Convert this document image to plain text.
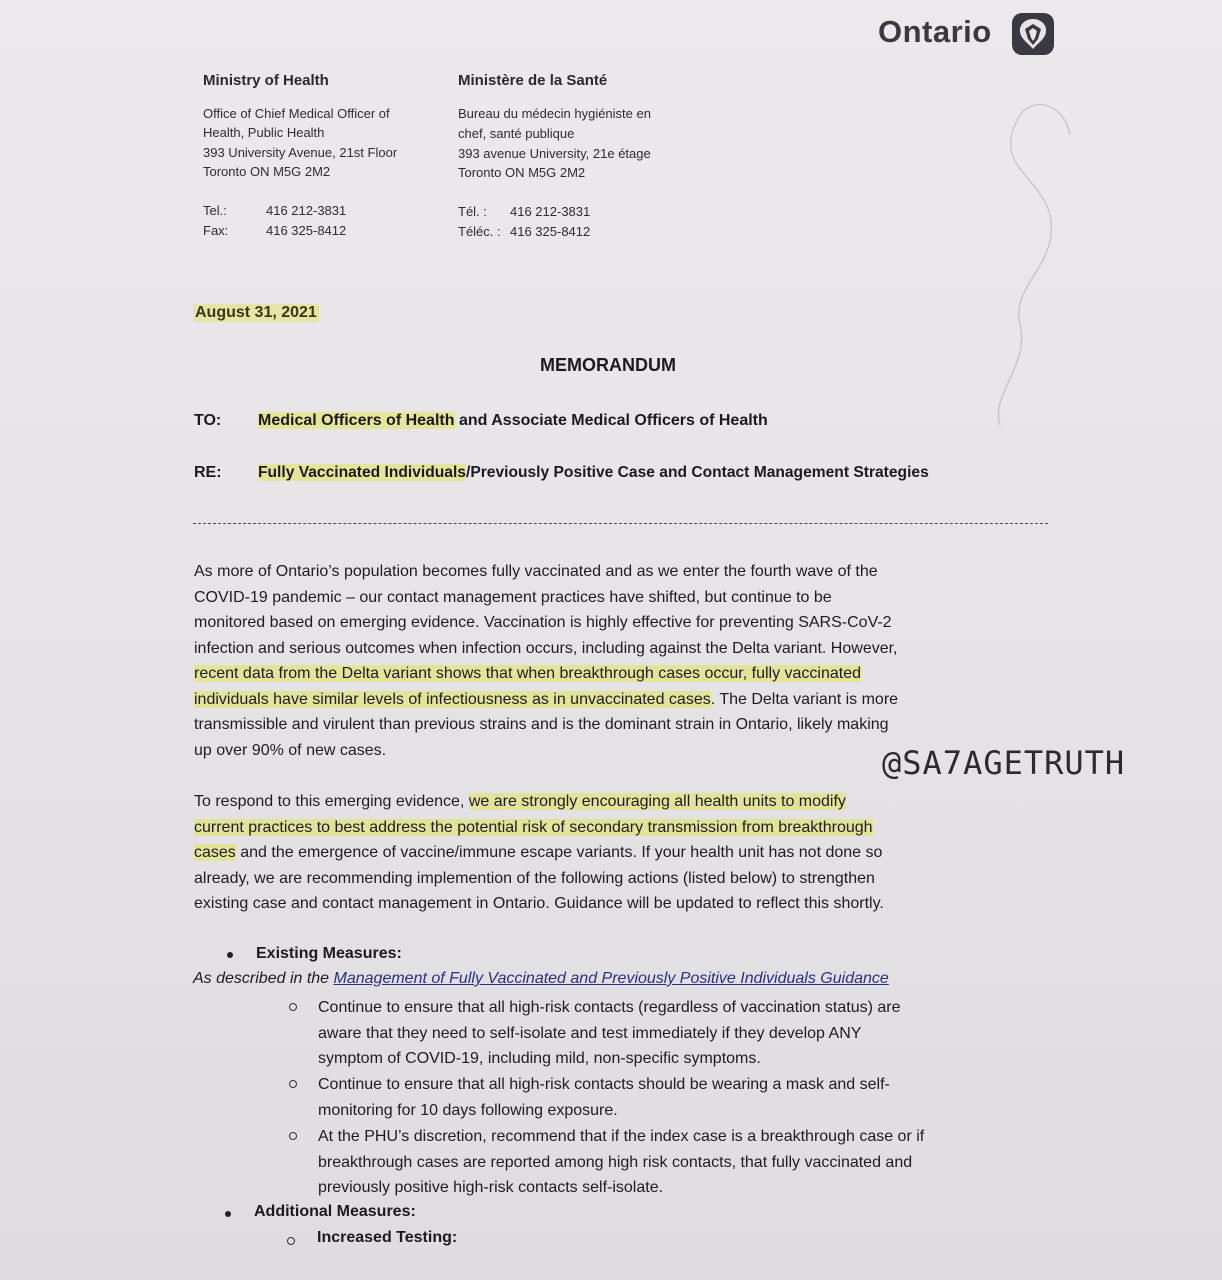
Ontario
Ministry of Health
Office of Chief Medical Officer of
Health, Public Health
393 University Avenue, 21st Floor
Toronto ON M5G 2M2
Tel.:	416 212-3831
Fax:	416 325-8412
Ministère de la Santé
Bureau du médecin hygiéniste en
chef, santé publique
393 avenue University, 21e étage
Toronto ON M5G 2M2
Tél. : 416 212-3831
Téléc. : 416 325-8412
August 31, 2021
MEMORANDUM
TO: Medical Officers of Health and Associate Medical Officers of Health
RE: Fully Vaccinated Individuals/Previously Positive Case and Contact Management Strategies
As more of Ontario’s population becomes fully vaccinated and as we enter the fourth wave of the
COVID-19 pandemic – our contact management practices have shifted, but continue to be
monitored based on emerging evidence. Vaccination is highly effective for preventing SARS-CoV-2
infection and serious outcomes when infection occurs, including against the Delta variant. However,
recent data from the Delta variant shows that when breakthrough cases occur, fully vaccinated
individuals have similar levels of infectiousness as in unvaccinated cases. The Delta variant is more
transmissible and virulent than previous strains and is the dominant strain in Ontario, likely making
up over 90% of new cases.	@SA7AGETRUTH
To respond to this emerging evidence, we are strongly encouraging all health units to modify
current practices to best address the potential risk of secondary transmission from breakthrough
cases and the emergence of vaccine/immune escape variants. If your health unit has not done so
already, we are recommending implemention of the following actions (listed below) to strengthen
existing case and contact management in Ontario. Guidance will be updated to reflect this shortly.
Existing Measures:
As described in the Management of Fully Vaccinated and Previously Positive Individuals Guidance
Continue to ensure that all high-risk contacts (regardless of vaccination status) are
aware that they need to self-isolate and test immediately if they develop ANY
symptom of COVID-19, including mild, non-specific symptoms.
Continue to ensure that all high-risk contacts should be wearing a mask and self-
monitoring for 10 days following exposure.
At the PHU’s discretion, recommend that if the index case is a breakthrough case or if
breakthrough cases are reported among high risk contacts, that fully vaccinated and
previously positive high-risk contacts self-isolate.
Additional Measures:
Increased Testing:
